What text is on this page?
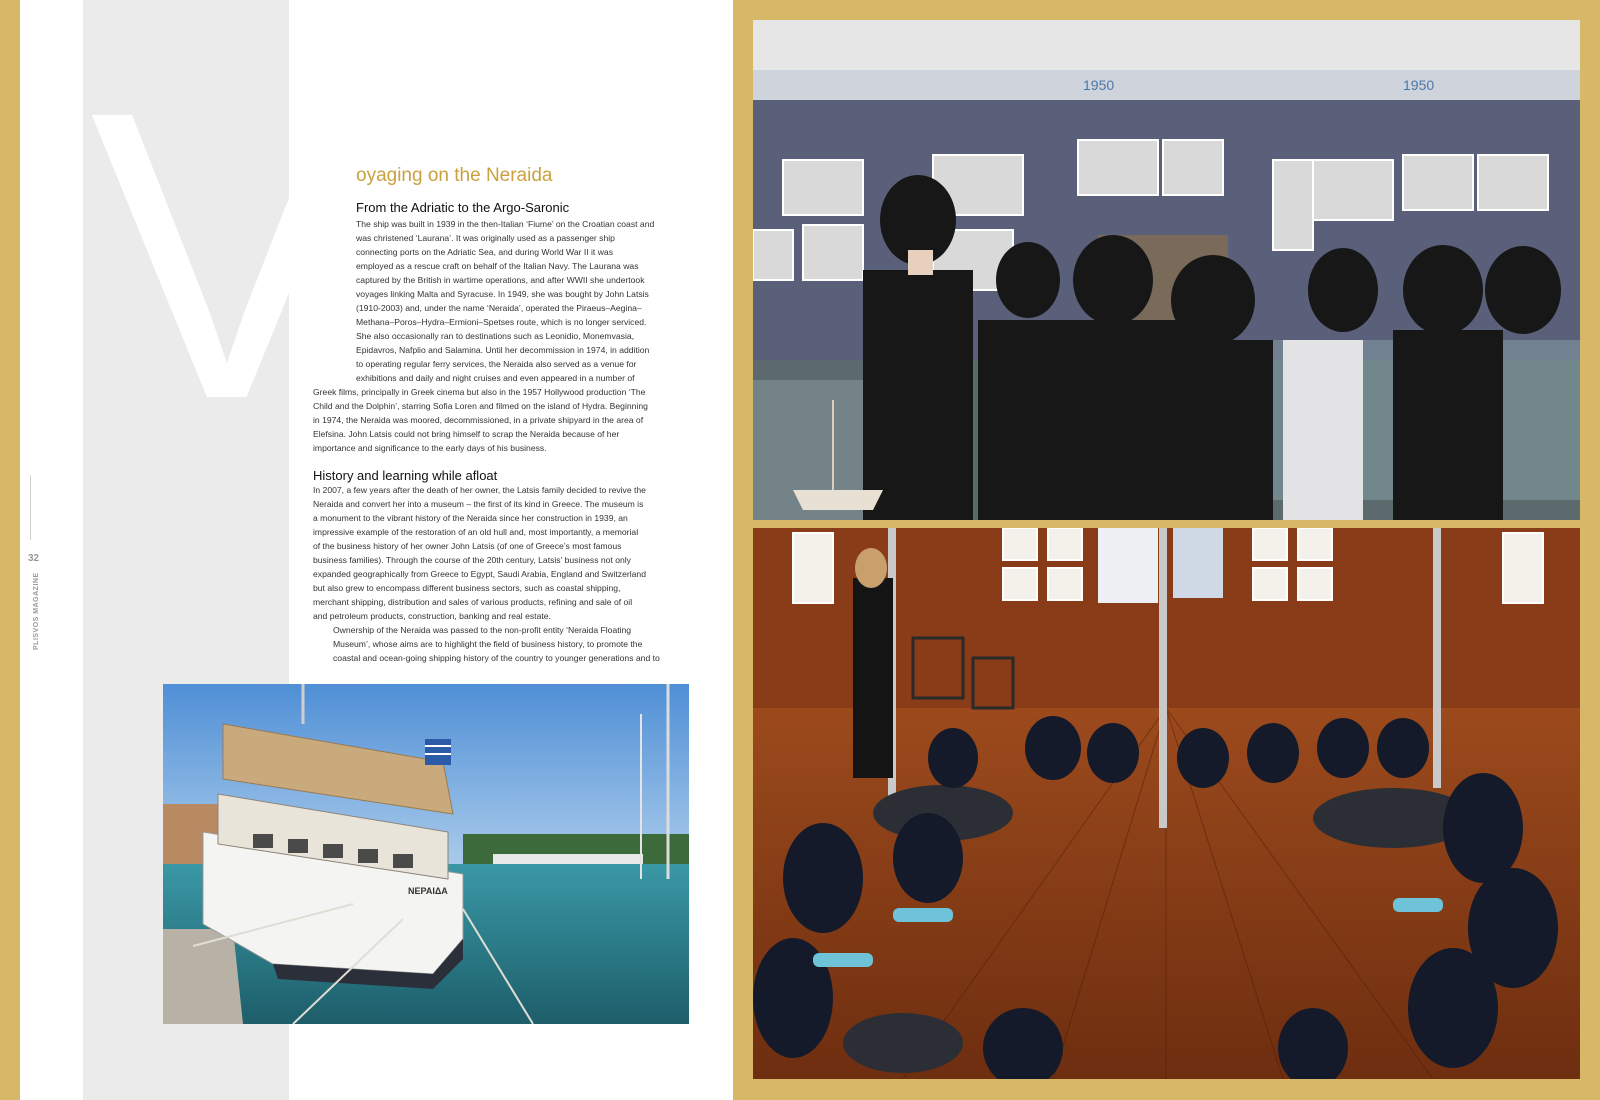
V
32
PLISVOS MAGAZINE
oyaging on the Neraida
From the Adriatic to the Argo-Saronic
The ship was built in 1939 in the then-Italian ‘Fiume’ on the Croatian coast and
was christened ‘Laurana’. It was originally used as a passenger ship
connecting ports on the Adriatic Sea, and during World War II it was
employed as a rescue craft on behalf of the Italian Navy. The Laurana was
captured by the British in wartime operations, and after WWII she undertook
voyages linking Malta and Syracuse. In 1949, she was bought by John Latsis
(1910-2003) and, under the name ‘Neraida’, operated the Piraeus–Aegina–
Methana–Poros–Hydra–Ermioni–Spetses route, which is no longer serviced.
She also occasionally ran to destinations such as Leonidio, Monemvasia,
Epidavros, Nafplio and Salamina. Until her decommission in 1974, in addition
to operating regular ferry services, the Neraida also served as a venue for
exhibitions and daily and night cruises and even appeared in a number of
Greek films, principally in Greek cinema but also in the 1957 Hollywood production ‘The
Child and the Dolphin’, starring Sofia Loren and filmed on the island of Hydra. Beginning
in 1974, the Neraida was moored, decommissioned, in a private shipyard in the area of
Elefsina. John Latsis could not bring himself to scrap the Neraida because of her
importance and significance to the early days of his business.
History and learning while afloat
In 2007, a few years after the death of her owner, the Latsis family decided to revive the
Neraida and convert her into a museum – the first of its kind in Greece. The museum is
a monument to the vibrant history of the Neraida since her construction in 1939, an
impressive example of the restoration of an old hull and, most importantly, a memorial
of the business history of her owner John Latsis (of one of Greece’s most famous
business families). Through the course of the 20th century, Latsis’ business not only
expanded geographically from Greece to Egypt, Saudi Arabia, England and Switzerland
but also grew to encompass different business sectors, such as coastal shipping,
merchant shipping, distribution and sales of various products, refining and sale of oil
and petroleum products, construction, banking and real estate.
Ownership of the Neraida was passed to the non-profit entity ‘Neraida Floating
Museum’, whose aims are to highlight the field of business history, to promote the
coastal and ocean-going shipping history of the country to younger generations and to
NEPAIΔA
1950	1950
